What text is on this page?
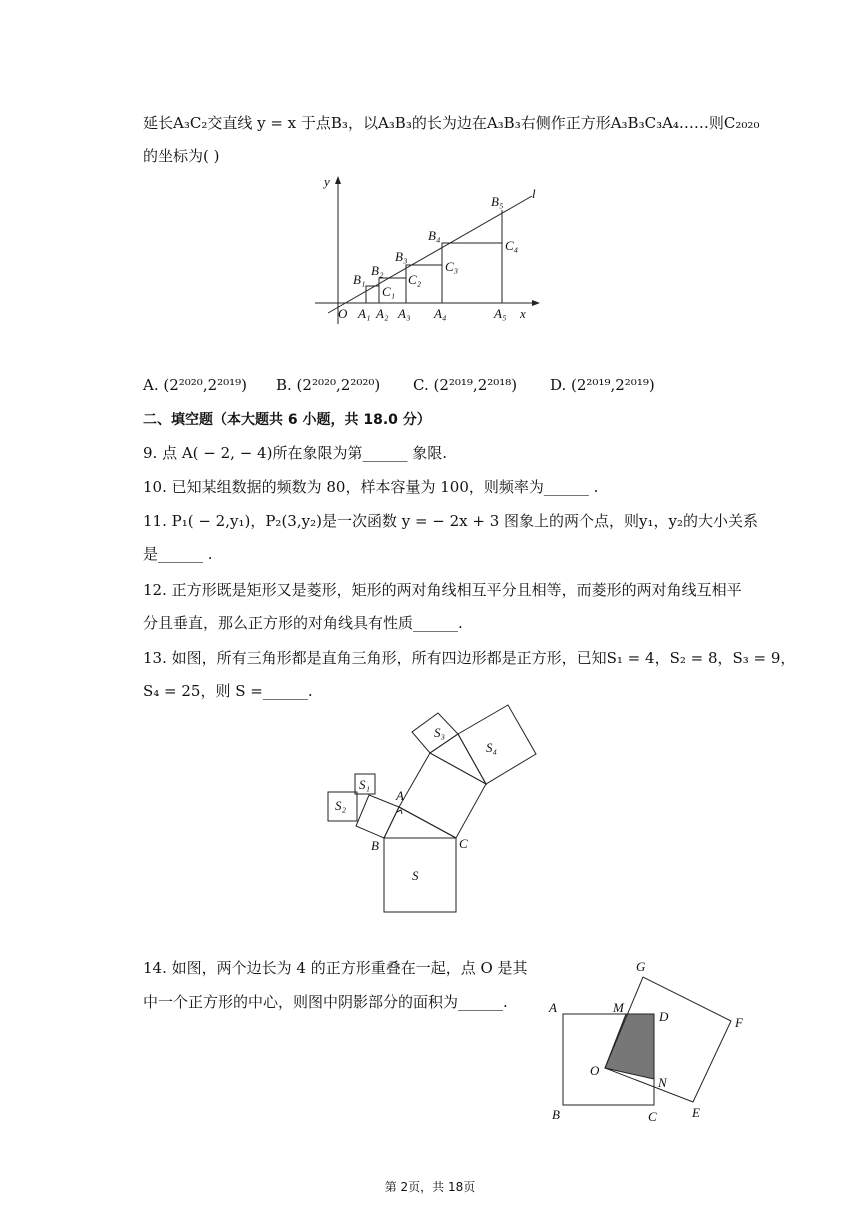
延长A₃C₂交直线 y = x 于点B₃，以A₃B₃的长为边在A₃B₃右侧作正方形A₃B₃C₃A₄……则C₂₀₂₀
的坐标为( )
y
x
O
l
A₁ A₂ A₃ A₄	A₅
B₁
B₂
B₃
B₄
B₅
C₁
C₂
C₃
C₄
A. (2²⁰²⁰,2²⁰¹⁹) B. (2²⁰²⁰,2²⁰²⁰) C. (2²⁰¹⁹,2²⁰¹⁸) D. (2²⁰¹⁹,2²⁰¹⁹)
二、填空题（本大题共 6 小题，共 18.0 分）
9. 点 A( − 2, − 4)所在象限为第______ 象限.
10. 已知某组数据的频数为 80，样本容量为 100，则频率为______ .
11. P₁( − 2,y₁)，P₂(3,y₂)是一次函数 y = − 2x + 3 图象上的两个点，则y₁，y₂的大小关系
是______ .
12. 正方形既是矩形又是菱形，矩形的两对角线相互平分且相等，而菱形的两对角线互相平
分且垂直，那么正方形的对角线具有性质______.
13. 如图，所有三角形都是直角三角形，所有四边形都是正方形，已知S₁ = 4，S₂ = 8，S₃ = 9，
S₄ = 25，则 S =______.
S₁
S₂
S₃
S₄
S
A
B	C
14. 如图，两个边长为 4 的正方形重叠在一起，点 O 是其
中一个正方形的中心，则图中阴影部分的面积为______.	A
B	C
D
E
F
G
M
N
O
第 2页，共 18页
